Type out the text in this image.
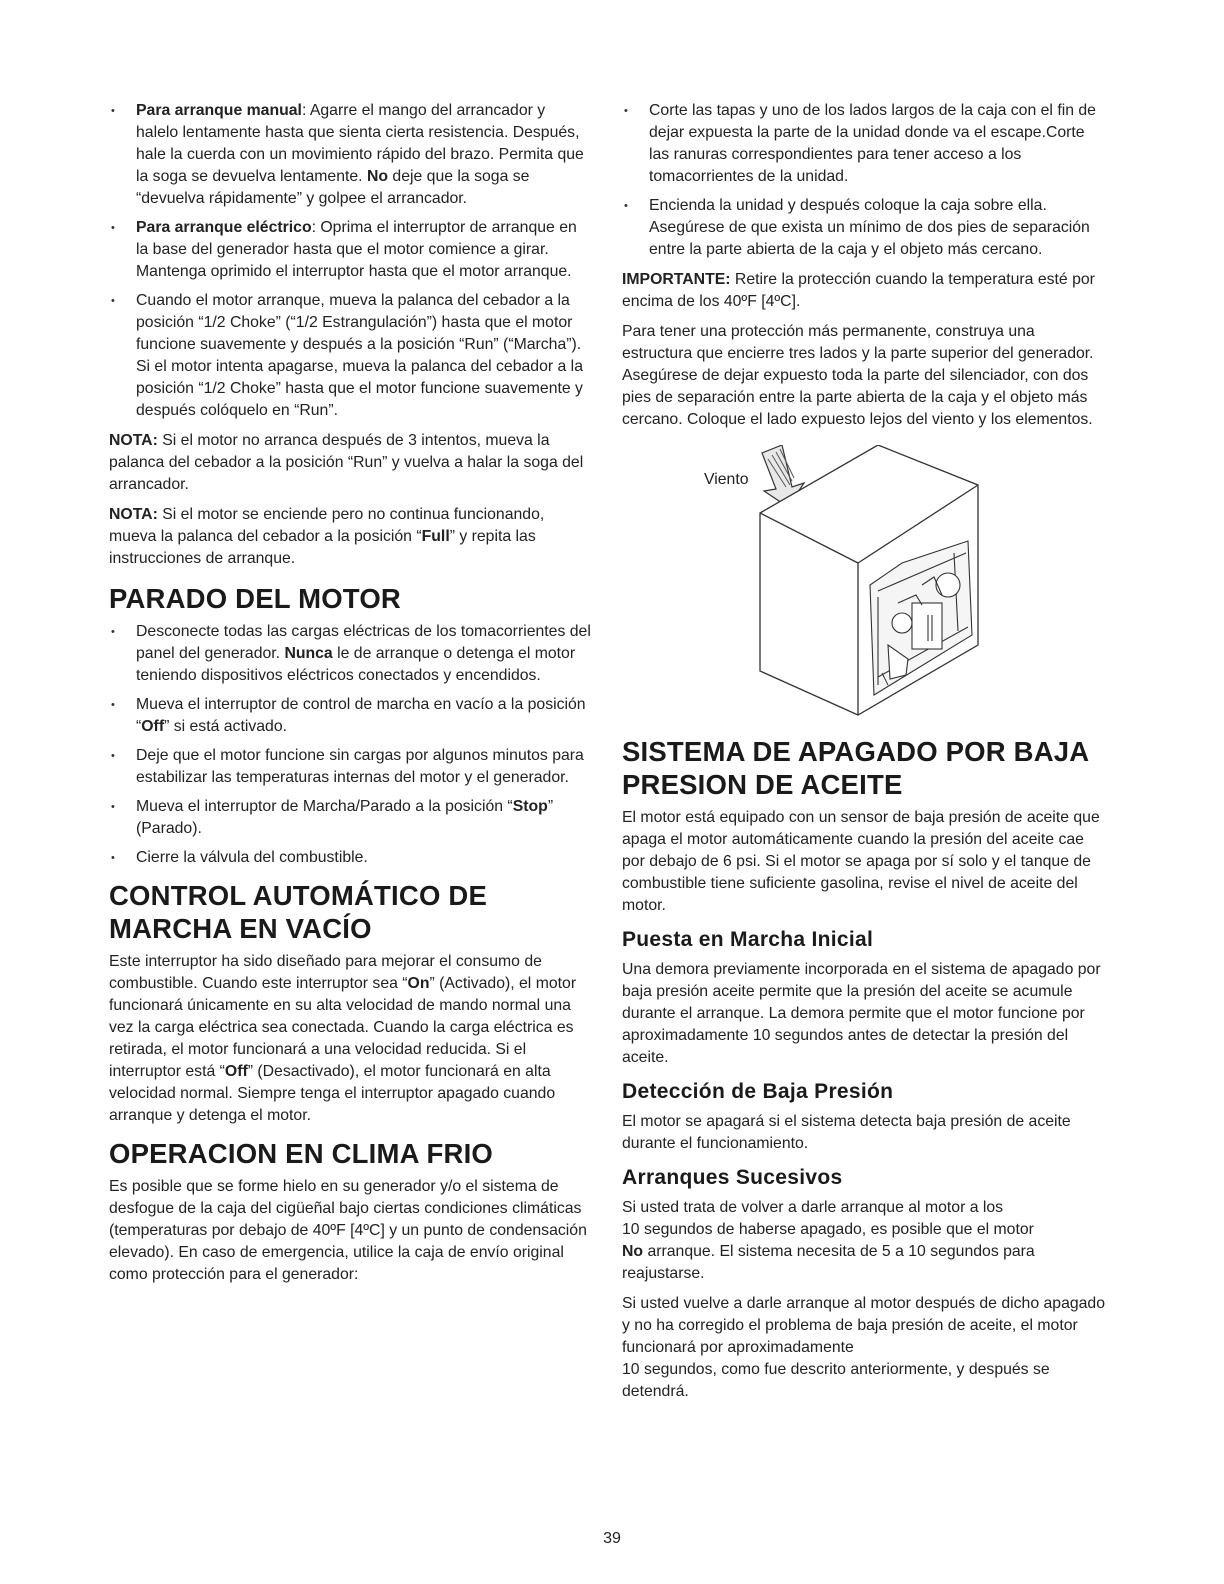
• Para arranque manual: Agarre el mango del arrancador y halelo lentamente hasta que sienta cierta resistencia. Después, hale la cuerda con un movimiento rápido del brazo. Permita que la soga se devuelva lentamente. No deje que la soga se “devuelva rápidamente” y golpee el arrancador.
• Para arranque eléctrico: Oprima el interruptor de arranque en la base del generador hasta que el motor comience a girar. Mantenga oprimido el interruptor hasta que el motor arranque.
• Cuando el motor arranque, mueva la palanca del cebador a la posición “1/2 Choke” (“1/2 Estrangulación”) hasta que el motor funcione suavemente y después a la posición “Run” (“Marcha”). Si el motor intenta apagarse, mueva la palanca del cebador a la posición “1/2 Choke” hasta que el motor funcione suavemente y después colóquelo en “Run”.

NOTA: Si el motor no arranca después de 3 intentos, mueva la palanca del cebador a la posición “Run” y vuelva a halar la soga del arrancador.

NOTA: Si el motor se enciende pero no continua funcionando, mueva la palanca del cebador a la posición “Full” y repita las instrucciones de arranque.

PARADO DEL MOTOR
• Desconecte todas las cargas eléctricas de los tomacorrientes del panel del generador. Nunca le de arranque o detenga el motor teniendo dispositivos eléctricos conectados y encendidos.
• Mueva el interruptor de control de marcha en vacío a la posición “Off” si está activado.
• Deje que el motor funcione sin cargas por algunos minutos para estabilizar las temperaturas internas del motor y el generador.
• Mueva el interruptor de Marcha/Parado a la posición “Stop” (Parado).
• Cierre la válvula del combustible.
CONTROL AUTOMÁTICO DE
MARCHA EN VACÍO

Este interruptor ha sido diseñado para mejorar el consumo de combustible. Cuando este interruptor sea “On” (Activado), el motor funcionará únicamente en su alta velocidad de mando normal una vez la carga eléctrica sea conectada. Cuando la carga eléctrica es retirada, el motor funcionará a una velocidad reducida. Si el interruptor está “Off” (Desactivado), el motor funcionará en alta velocidad normal. Siempre tenga el interruptor apagado cuando arranque y detenga el motor.

OPERACION EN CLIMA FRIO

Es posible que se forme hielo en su generador y/o el sistema de desfogue de la caja del cigüeñal bajo ciertas condiciones climáticas (temperaturas por debajo de 40ºF [4ºC] y un punto de condensación elevado). En caso de emergencia, utilice la caja de envío original como protección para el generador:

• Corte las tapas y uno de los lados largos de la caja con el fin de dejar expuesta la parte de la unidad donde va el escape.Corte las ranuras correspondientes para tener acceso a los tomacorrientes de la unidad.
• Encienda la unidad y después coloque la caja sobre ella. Asegúrese de que exista un mínimo de dos pies de separación entre la parte abierta de la caja y el objeto más cercano.

IMPORTANTE: Retire la protección cuando la temperatura esté por encima de los 40ºF [4ºC].

Para tener una protección más permanente, construya una estructura que encierre tres lados y la parte superior del generador. Asegúrese de dejar expuesto toda la parte del silenciador, con dos pies de separación entre la parte abierta de la caja y el objeto más cercano. Coloque el lado expuesto lejos del viento y los elementos.

Viento
SISTEMA DE APAGADO POR BAJA
PRESION DE ACEITE

El motor está equipado con un sensor de baja presión de aceite que apaga el motor automáticamente cuando la presión del aceite cae por debajo de 6 psi. Si el motor se apaga por sí solo y el tanque de combustible tiene suficiente gasolina, revise el nivel de aceite del motor.

Puesta en Marcha Inicial

Una demora previamente incorporada en el sistema de apagado por baja presión aceite permite que la presión del aceite se acumule durante el arranque. La demora permite que el motor funcione por aproximadamente 10 segundos antes de detectar la presión del aceite.

Detección de Baja Presión

El motor se apagará si el sistema detecta baja presión de aceite durante el funcionamiento.

Arranques Sucesivos

Si usted trata de volver a darle arranque al motor a los
10 segundos de haberse apagado, es posible que el motor
No arranque. El sistema necesita de 5 a 10 segundos para reajustarse.

Si usted vuelve a darle arranque al motor después de dicho apagado y no ha corregido el problema de baja presión de aceite, el motor funcionará por aproximadamente
10 segundos, como fue descrito anteriormente, y después se detendrá.

39
